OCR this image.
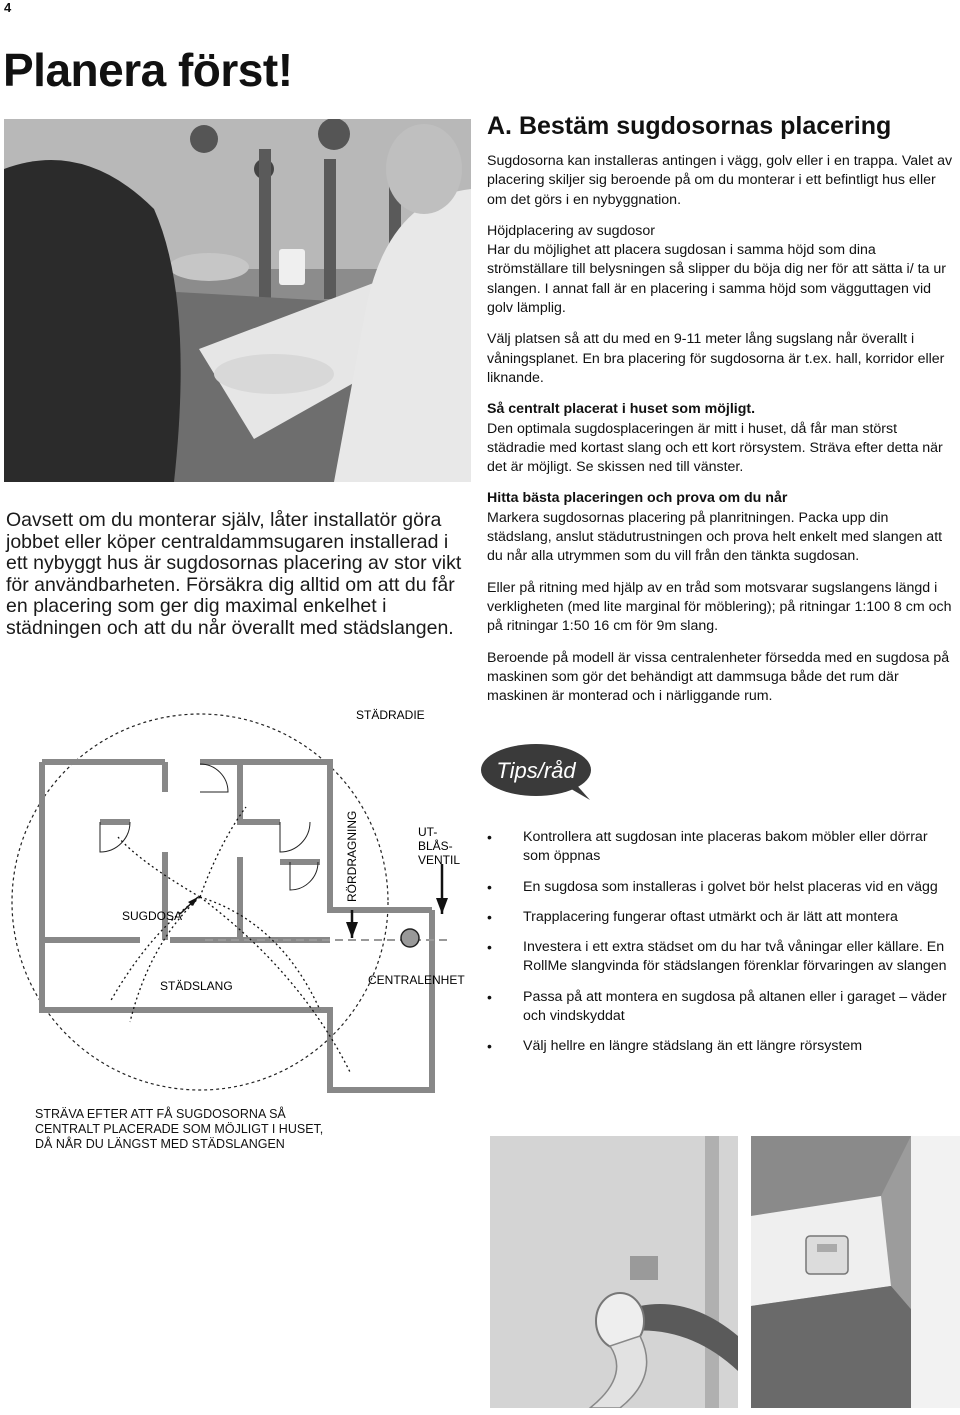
4
Planera först!

Oavsett om du monterar själv, låter installatör göra jobbet eller köper centraldammsugaren installerad i ett nybyggt hus är sugdosornas placering av stor vikt för användbarheten. Försäkra dig alltid om att du får en placering som ger dig maximal enkelhet i städningen och att du når överallt med städslangen.

A. Bestäm sugdosornas placering

Sugdosorna kan installeras antingen i vägg, golv eller i en trappa. Valet av placering skiljer sig beroende på om du monterar i ett befintligt hus eller om det görs i en nybyggnation.

Höjdplacering av sugdosor
Har du möjlighet att placera sugdosan i samma höjd som dina strömställare till belysningen så slipper du böja dig ner för att sätta i/ ta ur slangen. I annat fall är en placering i samma höjd som vägguttagen vid golv lämplig.

Välj platsen så att du med en 9-11 meter lång sugslang når överallt i våningsplanet. En bra placering för sugdosorna är t.ex. hall, korridor eller liknande.

Så centralt placerat i huset som möjligt.
Den optimala sugdosplaceringen är mitt i huset, då får man störst städradie med kortast slang och ett kort rörsystem. Sträva efter detta när det är möjligt. Se skissen ned till vänster.

Hitta bästa placeringen och prova om du når
Markera sugdosornas placering på planritningen. Packa upp din städslang, anslut städutrustningen och prova helt enkelt med slangen att du når alla utrymmen som du vill från den tänkta sugdosan.

Eller på ritning med hjälp av en tråd som motsvarar sugslangens längd i verkligheten (med lite marginal för möblering); på ritningar 1:100 8 cm och på ritningar 1:50 16 cm för 9m slang.

Beroende på modell är vissa centralenheter försedda med en sugdosa på maskinen som gör det behändigt att dammsuga både det rum där maskinen är monterad och i närliggande rum.

STÄDRADIE
SUGDOSA
STÄDSLANG
RÖRDRAGNING	UT-
BLÅS-
VENTIL
CENTRALENHET

STRÄVA EFTER ATT FÅ SUGDOSORNA SÅ CENTRALT PLACERADE SOM MÖJLIGT I HUSET, DÅ NÅR DU LÄNGST MED STÄDSLANGEN

Tips/råd
• Kontrollera att sugdosan inte placeras bakom möbler eller dörrar som öppnas
• En sugdosa som installeras i golvet bör helst placeras vid en vägg
• Trapplacering fungerar oftast utmärkt och är lätt att montera
• Investera i ett extra städset om du har två våningar eller källare. En RollMe slangvinda för städslangen förenklar förvaringen av slangen
• Passa på att montera en sugdosa på altanen eller i garaget – väder och vindskyddat
• Välj hellre en längre städslang än ett längre rörsystem
